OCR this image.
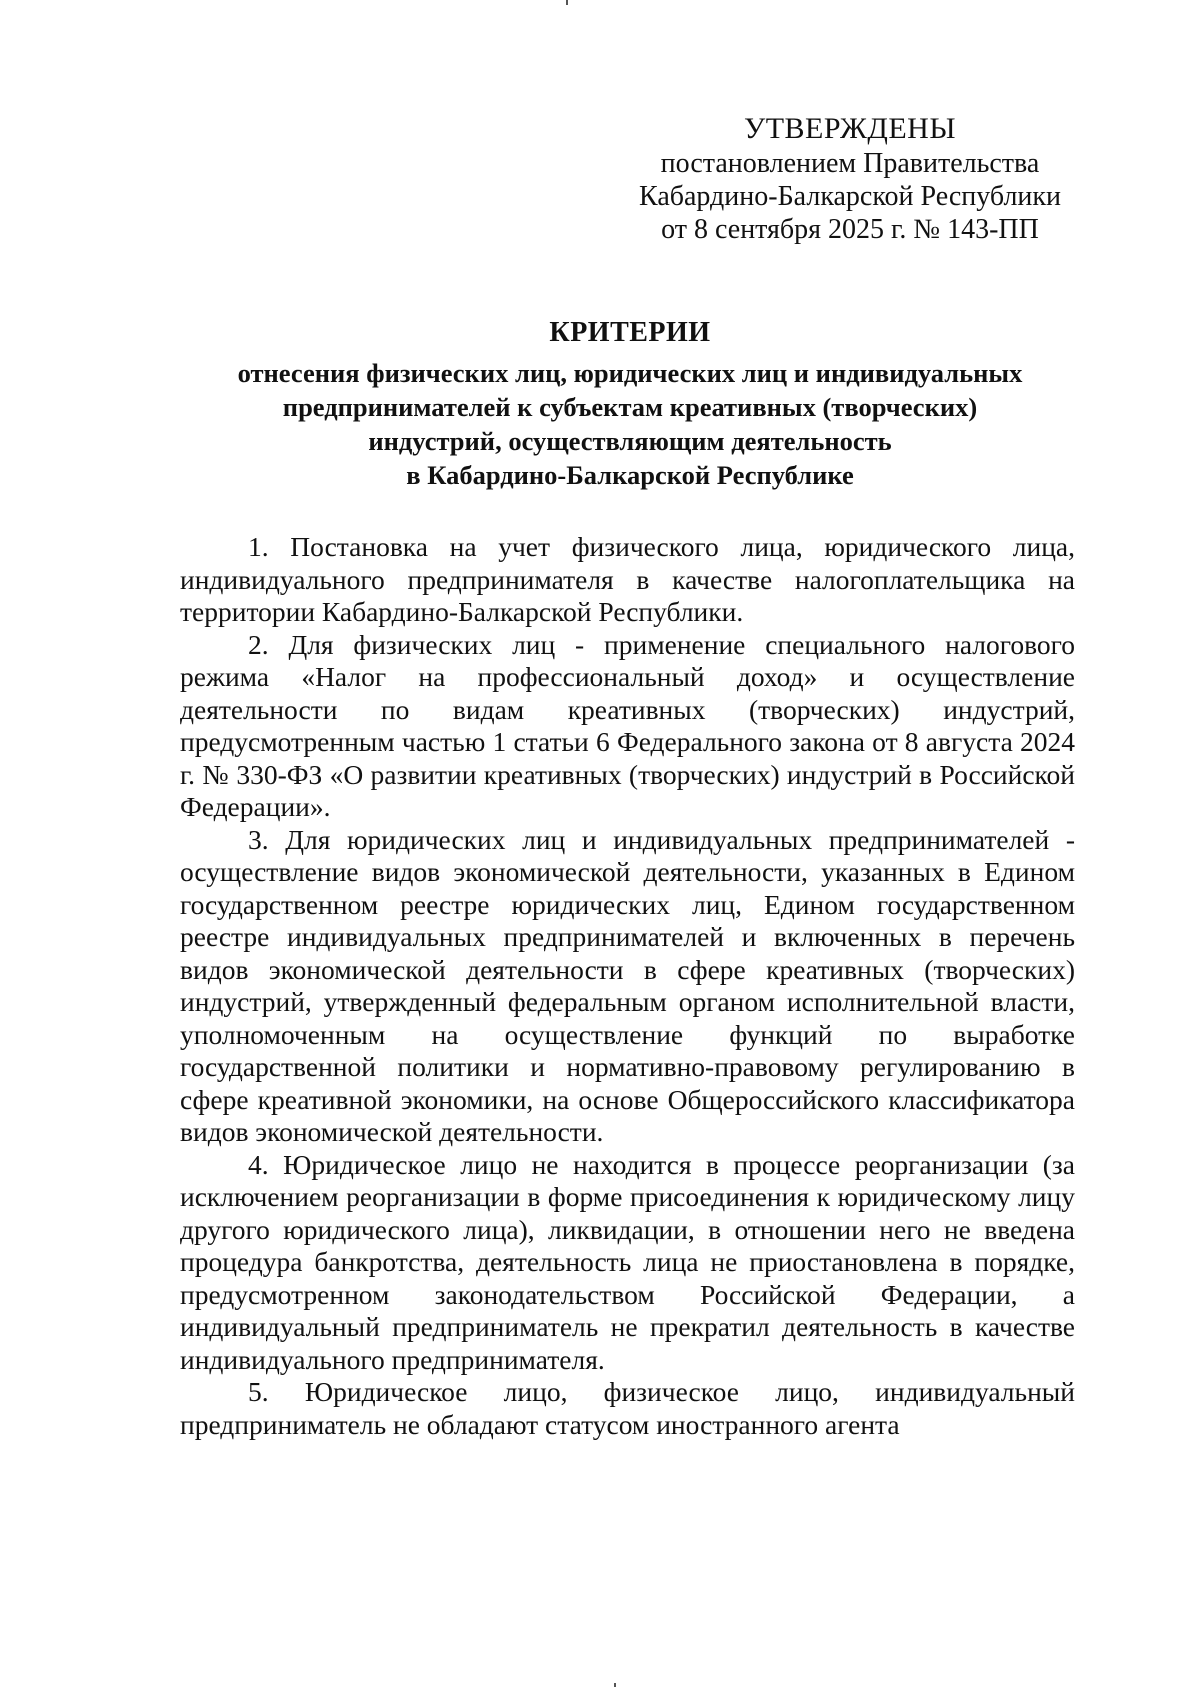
УТВЕРЖДЕНЫ
постановлением Правительства
Кабардино-Балкарской Республики
от 8 сентября 2025 г. № 143-ПП
КРИТЕРИИ
отнесения физических лиц, юридических лиц и индивидуальных
предпринимателей к субъектам креативных (творческих)
индустрий, осуществляющим деятельность
в Кабардино-Балкарской Республике

1. Постановка на учет физического лица, юридического лица, индивидуального предпринимателя в качестве налогоплательщика на территории Кабардино-Балкарской Республики.

2. Для физических лиц - применение специального налогового режима «Налог на профессиональный доход» и осуществление деятельности по видам креативных (творческих) индустрий, предусмотренным частью 1 статьи 6 Федерального закона от 8 августа 2024 г. № 330-ФЗ «О развитии креативных (творческих) индустрий в Российской Федерации».

3. Для юридических лиц и индивидуальных предпринимателей - осуществление видов экономической деятельности, указанных в Едином государственном реестре юридических лиц, Едином государственном реестре индивидуальных предпринимателей и включенных в перечень видов экономической деятельности в сфере креативных (творческих) индустрий, утвержденный федеральным органом исполнительной власти, уполномоченным на осуществление функций по выработке государственной политики и нормативно-правовому регулированию в сфере креативной экономики, на основе Общероссийского классификатора видов экономической деятельности.

4. Юридическое лицо не находится в процессе реорганизации (за исключением реорганизации в форме присоединения к юридическому лицу другого юридического лица), ликвидации, в отношении него не введена процедура банкротства, деятельность лица не приостановлена в порядке, предусмотренном законодательством Российской Федерации, а индивидуальный предприниматель не прекратил деятельность в качестве индивидуального предпринимателя.

5. Юридическое лицо, физическое лицо, индивидуальный предприниматель не обладают статусом иностранного агента
